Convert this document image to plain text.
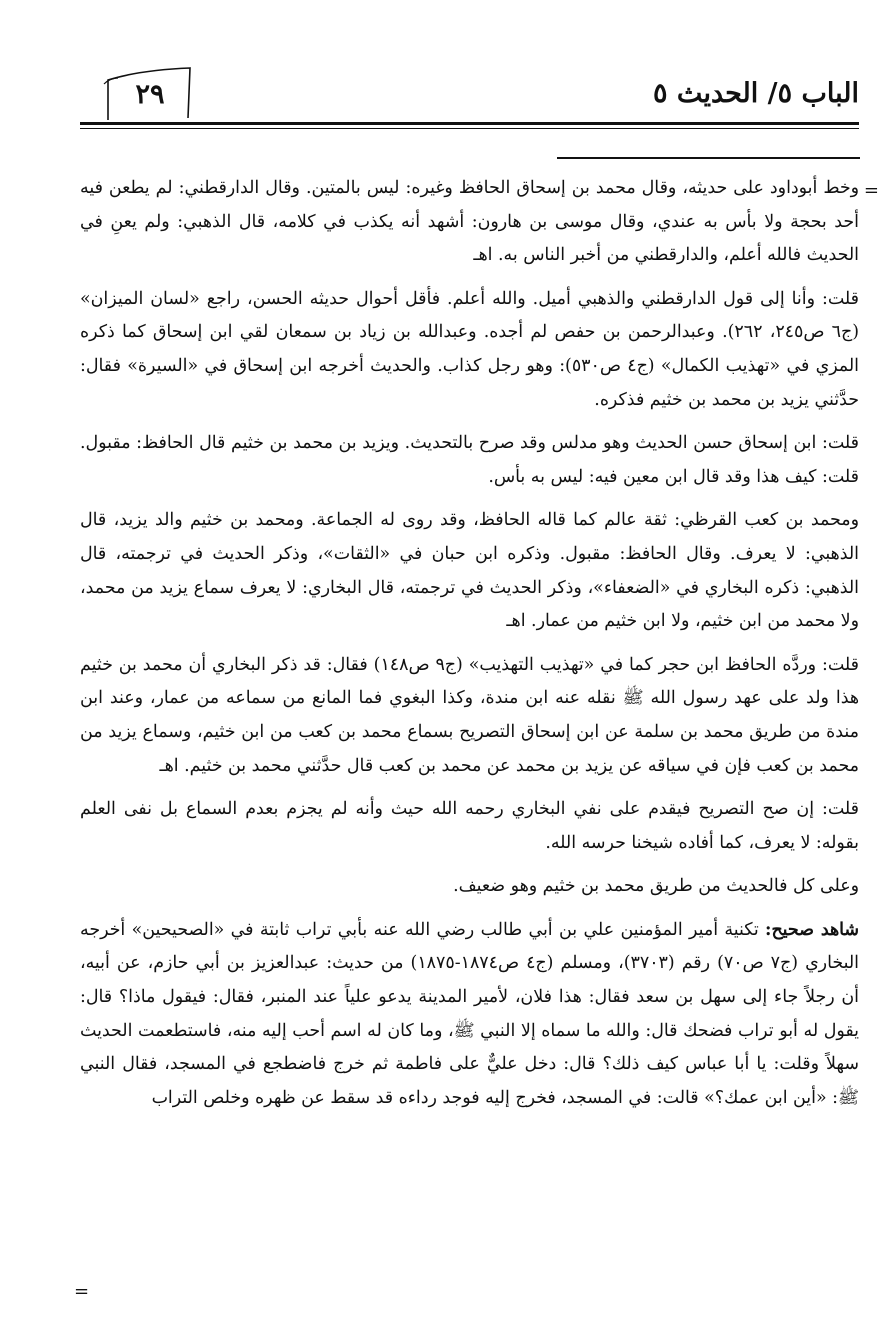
الباب ٥/ الحديث ٥
٢٩
=
=

وخط أبوداود على حديثه، وقال محمد بن إسحاق الحافظ وغيره: ليس بالمتين. وقال الدارقطني: لم يطعن فيه أحد بحجة ولا بأس به عندي، وقال موسى بن هارون: أشهد أنه يكذب في كلامه، قال الذهبي: ولم يعنِ في الحديث فالله أعلم، والدارقطني من أخبر الناس به. اهـ

قلت: وأنا إلى قول الدارقطني والذهبي أميل. والله أعلم. فأقل أحوال حديثه الحسن، راجع «لسان الميزان» (ج٦ ص٢٤٥، ٢٦٢). وعبدالرحمن بن حفص لم أجده. وعبدالله بن زياد بن سمعان لقي ابن إسحاق كما ذكره المزي في «تهذيب الكمال» (ج٤ ص٥٣٠): وهو رجل كذاب. والحديث أخرجه ابن إسحاق في «السيرة» فقال: حدَّثني يزيد بن محمد بن خثيم فذكره.

قلت: ابن إسحاق حسن الحديث وهو مدلس وقد صرح بالتحديث. ويزيد بن محمد بن خثيم قال الحافظ: مقبول. قلت: كيف هذا وقد قال ابن معين فيه: ليس به بأس.

ومحمد بن كعب القرظي: ثقة عالم كما قاله الحافظ، وقد روى له الجماعة. ومحمد بن خثيم والد يزيد، قال الذهبي: لا يعرف. وقال الحافظ: مقبول. وذكره ابن حبان في «الثقات»، وذكر الحديث في ترجمته، قال الذهبي: ذكره البخاري في «الضعفاء»، وذكر الحديث في ترجمته، قال البخاري: لا يعرف سماع يزيد من محمد، ولا محمد من ابن خثيم، ولا ابن خثيم من عمار. اهـ

قلت: وردَّه الحافظ ابن حجر كما في «تهذيب التهذيب» (ج٩ ص١٤٨) فقال: قد ذكر البخاري أن محمد بن خثيم هذا ولد على عهد رسول الله ﷺ نقله عنه ابن مندة، وكذا البغوي فما المانع من سماعه من عمار، وعند ابن مندة من طريق محمد بن سلمة عن ابن إسحاق التصريح بسماع محمد بن كعب من ابن خثيم، وسماع يزيد من محمد بن كعب فإن في سياقه عن يزيد بن محمد عن محمد بن كعب قال حدَّثني محمد بن خثيم. اهـ

قلت: إن صح التصريح فيقدم على نفي البخاري رحمه الله حيث وأنه لم يجزم بعدم السماع بل نفى العلم بقوله: لا يعرف، كما أفاده شيخنا حرسه الله.

وعلى كل فالحديث من طريق محمد بن خثيم وهو ضعيف.

شاهد صحيح: تكنية أمير المؤمنين علي بن أبي طالب رضي الله عنه بأبي تراب ثابتة في «الصحيحين» أخرجه البخاري (ج٧ ص٧٠) رقم (٣٧٠٣)، ومسلم (ج٤ ص١٨٧٤-١٨٧٥) من حديث: عبدالعزيز بن أبي حازم، عن أبيه، أن رجلاً جاء إلى سهل بن سعد فقال: هذا فلان، لأمير المدينة يدعو علياً عند المنبر، فقال: فيقول ماذا؟ قال: يقول له أبو تراب فضحك قال: والله ما سماه إلا النبي ﷺ، وما كان له اسم أحب إليه منه، فاستطعمت الحديث سهلاً وقلت: يا أبا عباس كيف ذلك؟ قال: دخل عليٌّ على فاطمة ثم خرج فاضطجع في المسجد، فقال النبي ﷺ: «أين ابن عمك؟» قالت: في المسجد، فخرج إليه فوجد رداءه قد سقط عن ظهره وخلص التراب
